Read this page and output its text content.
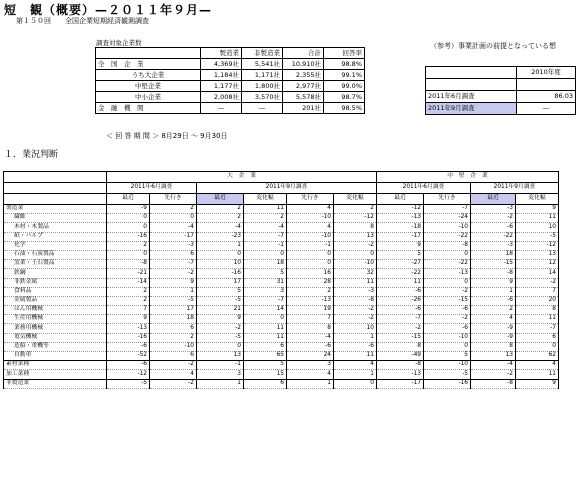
短　観（概要）—２０１１年９月—
第１５０回　　全国企業短期経済観測調査
調査対象企業数
	製造業	非製造業	合計	回答率
全　国　企　業	4,369社	5,541社	10,910社	98.8%
うち大企業	1,184社	1,171社	2,355社	99.1%
中堅企業	1,177社	1,800社	2,977社	99.0%
中小企業	2,008社	3,570社	5,578社	98.7%
金　融　機　関	—	—	201社	98.5%
＜ 回 答 期 間 ＞ 8月29日 ～ 9月30日
（参考）事業計画の前提となっている想
	2010年度

2011年6月調査	86.03
2011年9月調査	—
１．業況判断
	大　企　業						中　堅　企　業			
	2011年6月調査		2011年9月調査				2011年6月調査		2011年9月調査	
	最近	先行き	最近	変化幅	先行き	変化幅	最近	先行き	最近	変化幅
製造業	-9	2	2	11	4	2	-12	-7	-3	9
繊維	0	0	2	2	-10	-12	-13	-24	-2	11
木材・木製品	0	-4	-4	-4	4	8	-18	-10	-6	10
紙・パルプ	-16	-17	-23	-7	-10	13	-17	-22	-22	-5
化学	2	-3	1	-1	-1	-2	9	-8	-3	-12
石油・石炭製品	0	6	0	0	0	0	5	0	18	13
窯業・土石製品	-8	-7	10	18	0	-10	-27	-22	-15	12
鉄鋼	-21	-2	-16	5	16	32	-22	-13	-8	14
非鉄金属	-14	9	17	31	28	11	11	0	9	-2
食料品	2	1	5	3	2	-3	-6	-2	1	7
金属製品	2	-5	-5	-7	-13	-8	-26	-15	-6	20
はん用機械	7	17	21	14	19	-2	-6	-6	2	8
生産用機械	9	18	9	0	7	-2	-7	-2	4	11
業務用機械	-13	6	-2	11	8	10	-2	-6	-9	-7
電気機械	-16	2	-5	11	-4	1	-15	-10	-9	6
造船・重機等	-6	-10	0	6	-6	-6	8	0	8	0
自動車	-52	6	13	65	24	11	-49	5	13	62
素材業種	-6	-2	-1	5	3	4	-8	-10	-4	4
加工業種	-12	4	3	15	4	1	-13	-5	-2	11
非製造業	-5	-2	1	6	1	0	-17	-16	-8	9
